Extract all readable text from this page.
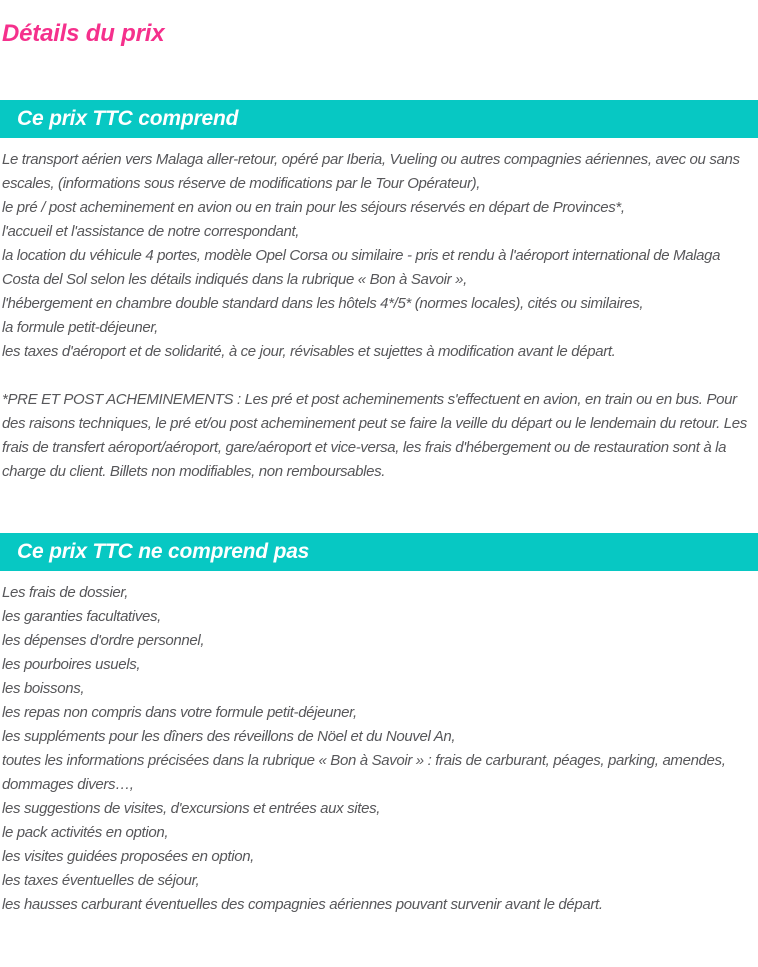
Détails du prix
Ce prix TTC comprend
Le transport aérien vers Malaga aller-retour, opéré par Iberia, Vueling ou autres compagnies aériennes, avec ou sans escales, (informations sous réserve de modifications par le Tour Opérateur),
le pré / post acheminement en avion ou en train pour les séjours réservés en départ de Provinces*,
l'accueil et l'assistance de notre correspondant,
la location du véhicule 4 portes, modèle Opel Corsa ou similaire - pris et rendu à l'aéroport international de Malaga Costa del Sol selon les détails indiqués dans la rubrique « Bon à Savoir »,
l'hébergement en chambre double standard dans les hôtels 4*/5* (normes locales), cités ou similaires,
la formule petit-déjeuner,
les taxes d'aéroport et de solidarité, à ce jour, révisables et sujettes à modification avant le départ.
*PRE ET POST ACHEMINEMENTS : Les pré et post acheminements s'effectuent en avion, en train ou en bus. Pour des raisons techniques, le pré et/ou post acheminement peut se faire la veille du départ ou le lendemain du retour. Les frais de transfert aéroport/aéroport, gare/aéroport et vice-versa, les frais d'hébergement ou de restauration sont à la charge du client. Billets non modifiables, non remboursables.
Ce prix TTC ne comprend pas
Les frais de dossier,
les garanties facultatives,
les dépenses d'ordre personnel,
les pourboires usuels,
les boissons,
les repas non compris dans votre formule petit-déjeuner,
les suppléments pour les dîners des réveillons de Nöel et du Nouvel An,
toutes les informations précisées dans la rubrique « Bon à Savoir » : frais de carburant, péages, parking, amendes, dommages divers…,
les suggestions de visites, d'excursions et entrées aux sites,
le pack activités en option,
les visites guidées proposées en option,
les taxes éventuelles de séjour,
les hausses carburant éventuelles des compagnies aériennes pouvant survenir avant le départ.
